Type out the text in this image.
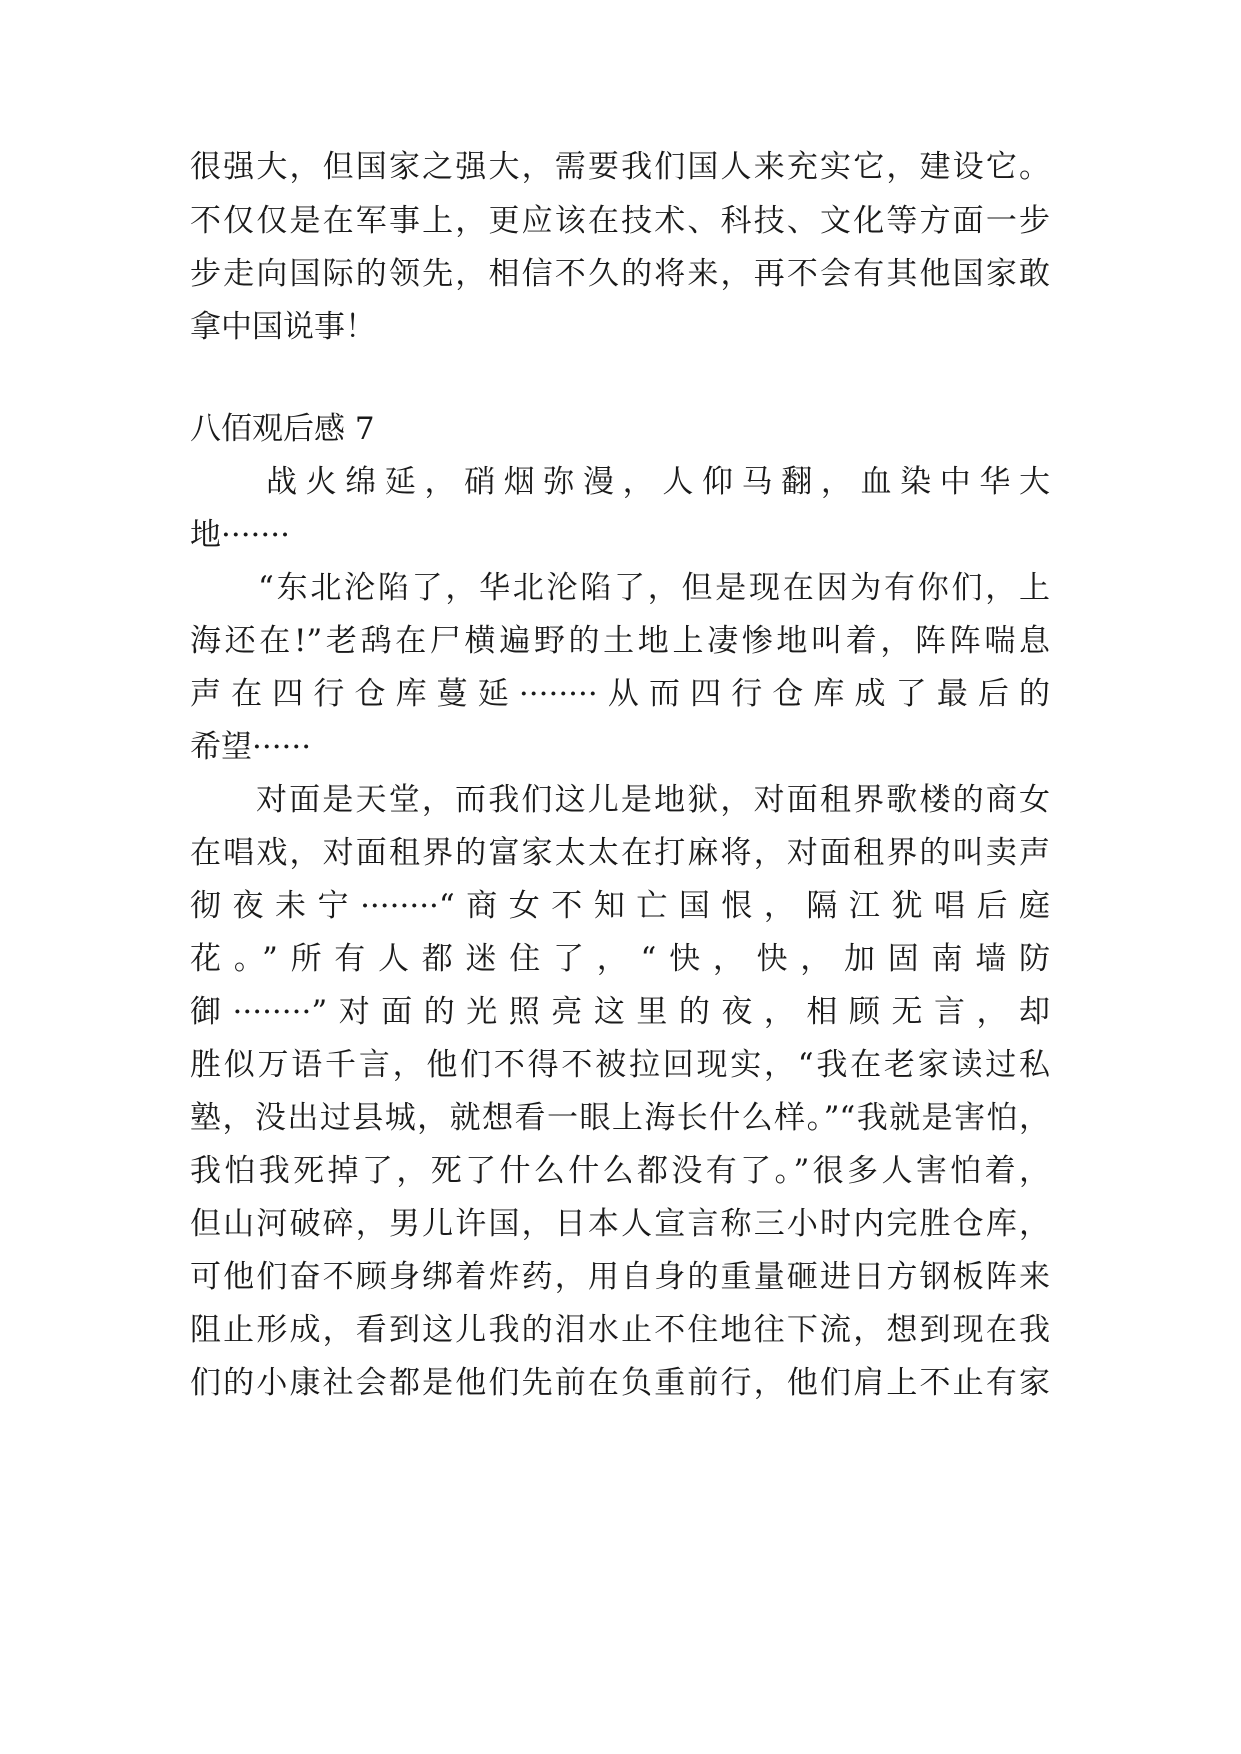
很强大，但国家之强大，需要我们国人来充实它，建设它。
不仅仅是在军事上，更应该在技术、科技、文化等方面一步
步走向国际的领先，相信不久的将来，再不会有其他国家敢
拿中国说事！
八佰观后感 7
战火绵延，硝烟弥漫，人仰马翻，血染中华大
地·······
“东北沦陷了，华北沦陷了，但是现在因为有你们，上
海还在!”老鸹在尸横遍野的土地上凄惨地叫着，阵阵喘息
声在四行仓库蔓延········从而四行仓库成了最后的
希望······
对面是天堂，而我们这儿是地狱，对面租界歌楼的商女
在唱戏，对面租界的富家太太在打麻将，对面租界的叫卖声
彻夜未宁········“商女不知亡国恨，隔江犹唱后庭
花。”所有人都迷住了，“快，快，加固南墙防
御········”对面的光照亮这里的夜，相顾无言，却
胜似万语千言，他们不得不被拉回现实，“我在老家读过私
塾，没出过县城，就想看一眼上海长什么样。”“我就是害怕，
我怕我死掉了，死了什么什么都没有了。”很多人害怕着，
但山河破碎，男儿许国，日本人宣言称三小时内完胜仓库，
可他们奋不顾身绑着炸药，用自身的重量砸进日方钢板阵来
阻止形成，看到这儿我的泪水止不住地往下流，想到现在我
们的小康社会都是他们先前在负重前行，他们肩上不止有家
